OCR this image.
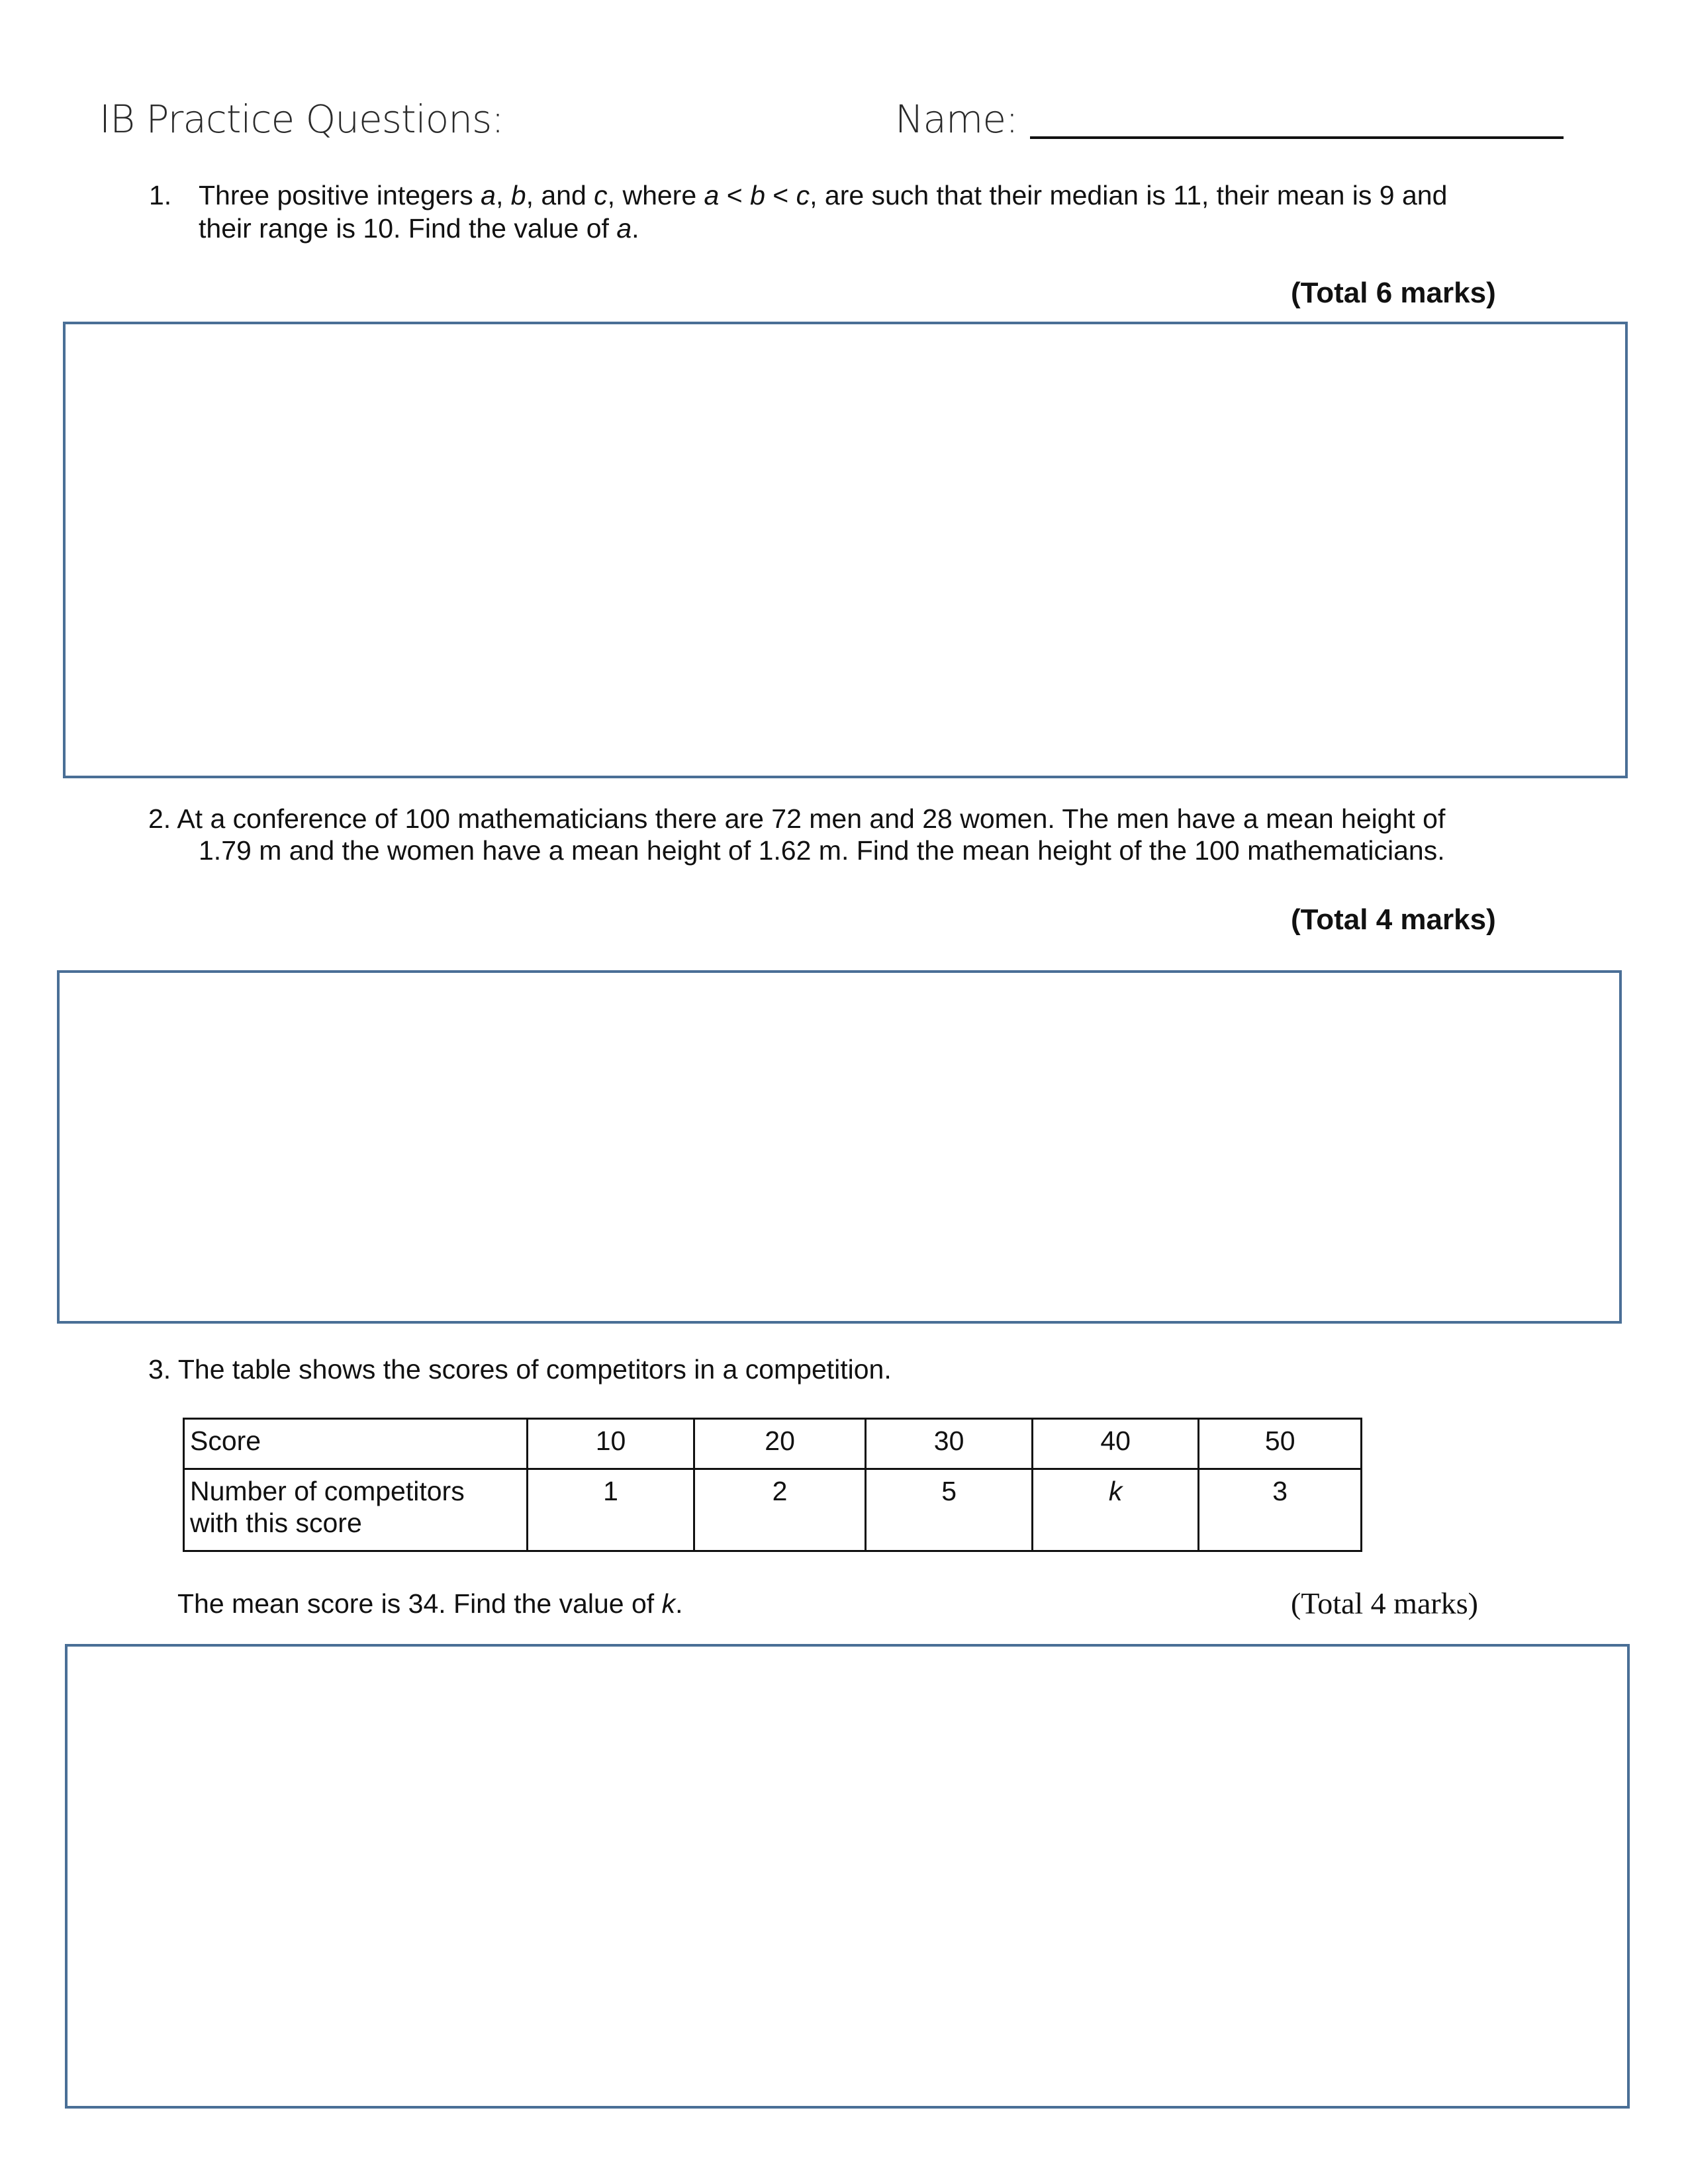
IB Practice Questions:	Name:
1. Three positive integers a, b, and c, where a < b < c, are such that their median is 11, their mean is 9 and
their range is 10. Find the value of a.
(Total 6 marks)
2. At a conference of 100 mathematicians there are 72 men and 28 women. The men have a mean height of
1.79 m and the women have a mean height of 1.62 m. Find the mean height of the 100 mathematicians.
(Total 4 marks)
3. The table shows the scores of competitors in a competition.
Score	10	20	30	40	50
Number of competitors
with this score	1	2	5	k	3
The mean score is 34. Find the value of k.	(Total 4 marks)
